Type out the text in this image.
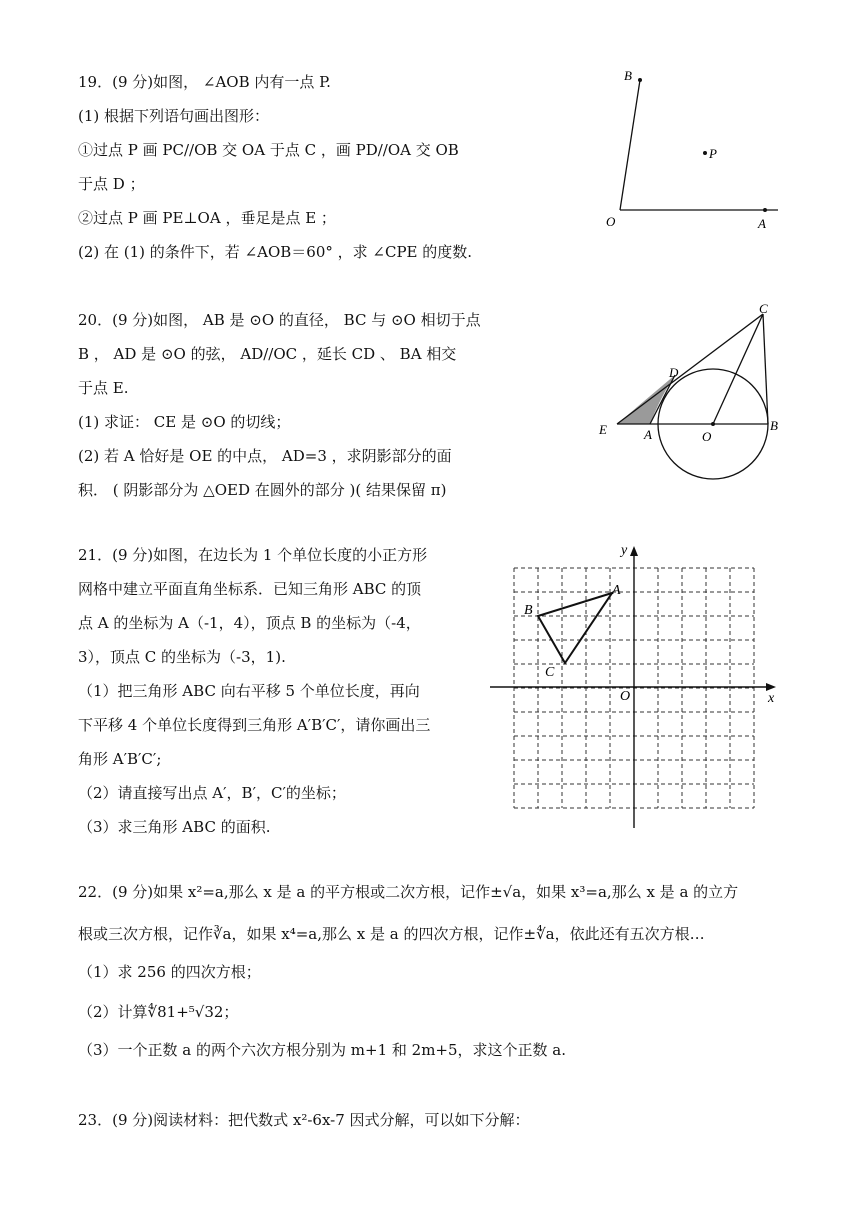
19．(9 分)如图， ∠AOB 内有一点 P.
(1) 根据下列语句画出图形：
①过点 P 画 PC//OB 交 OA 于点 C ，画 PD//OA 交 OB
于点 D ；
②过点 P 画 PE⊥OA ，垂足是点 E ；
(2) 在 (1) 的条件下，若 ∠AOB＝60° ，求 ∠CPE 的度数.
B
P
O	A
20．(9 分)如图， AB 是 ⊙O 的直径， BC 与 ⊙O 相切于点
B ， AD 是 ⊙O 的弦， AD//OC ，延长 CD 、 BA 相交
于点 E.
(1) 求证： CE 是 ⊙O 的切线；
(2) 若 A 恰好是 OE 的中点， AD=3 ，求阴影部分的面
积． ( 阴影部分为 △OED 在圆外的部分 )( 结果保留 π)
C
D
E	A	O
B
21．(9 分)如图，在边长为 1 个单位长度的小正方形
网格中建立平面直角坐标系．已知三角形 ABC 的顶
点 A 的坐标为 A（-1，4），顶点 B 的坐标为（-4，
3），顶点 C 的坐标为（-3，1).
（1）把三角形 ABC 向右平移 5 个单位长度，再向
下平移 4 个单位长度得到三角形 A′B′C′，请你画出三
角形 A′B′C′;
（2）请直接写出点 A′，B′，C′的坐标；
（3）求三角形 ABC 的面积.
y
x
O
A
B
C
22．(9 分)如果 x²=a,那么 x 是 a 的平方根或二次方根，记作±√a，如果 x³=a,那么 x 是 a 的立方
根或三次方根，记作∛a，如果 x⁴=a,那么 x 是 a 的四次方根，记作±∜a，依此还有五次方根…
（1）求 256 的四次方根；
（2）计算∜81+⁵√32；
（3）一个正数 a 的两个六次方根分别为 m+1 和 2m+5，求这个正数 a.
23．(9 分)阅读材料：把代数式 x²-6x-7 因式分解，可以如下分解：
